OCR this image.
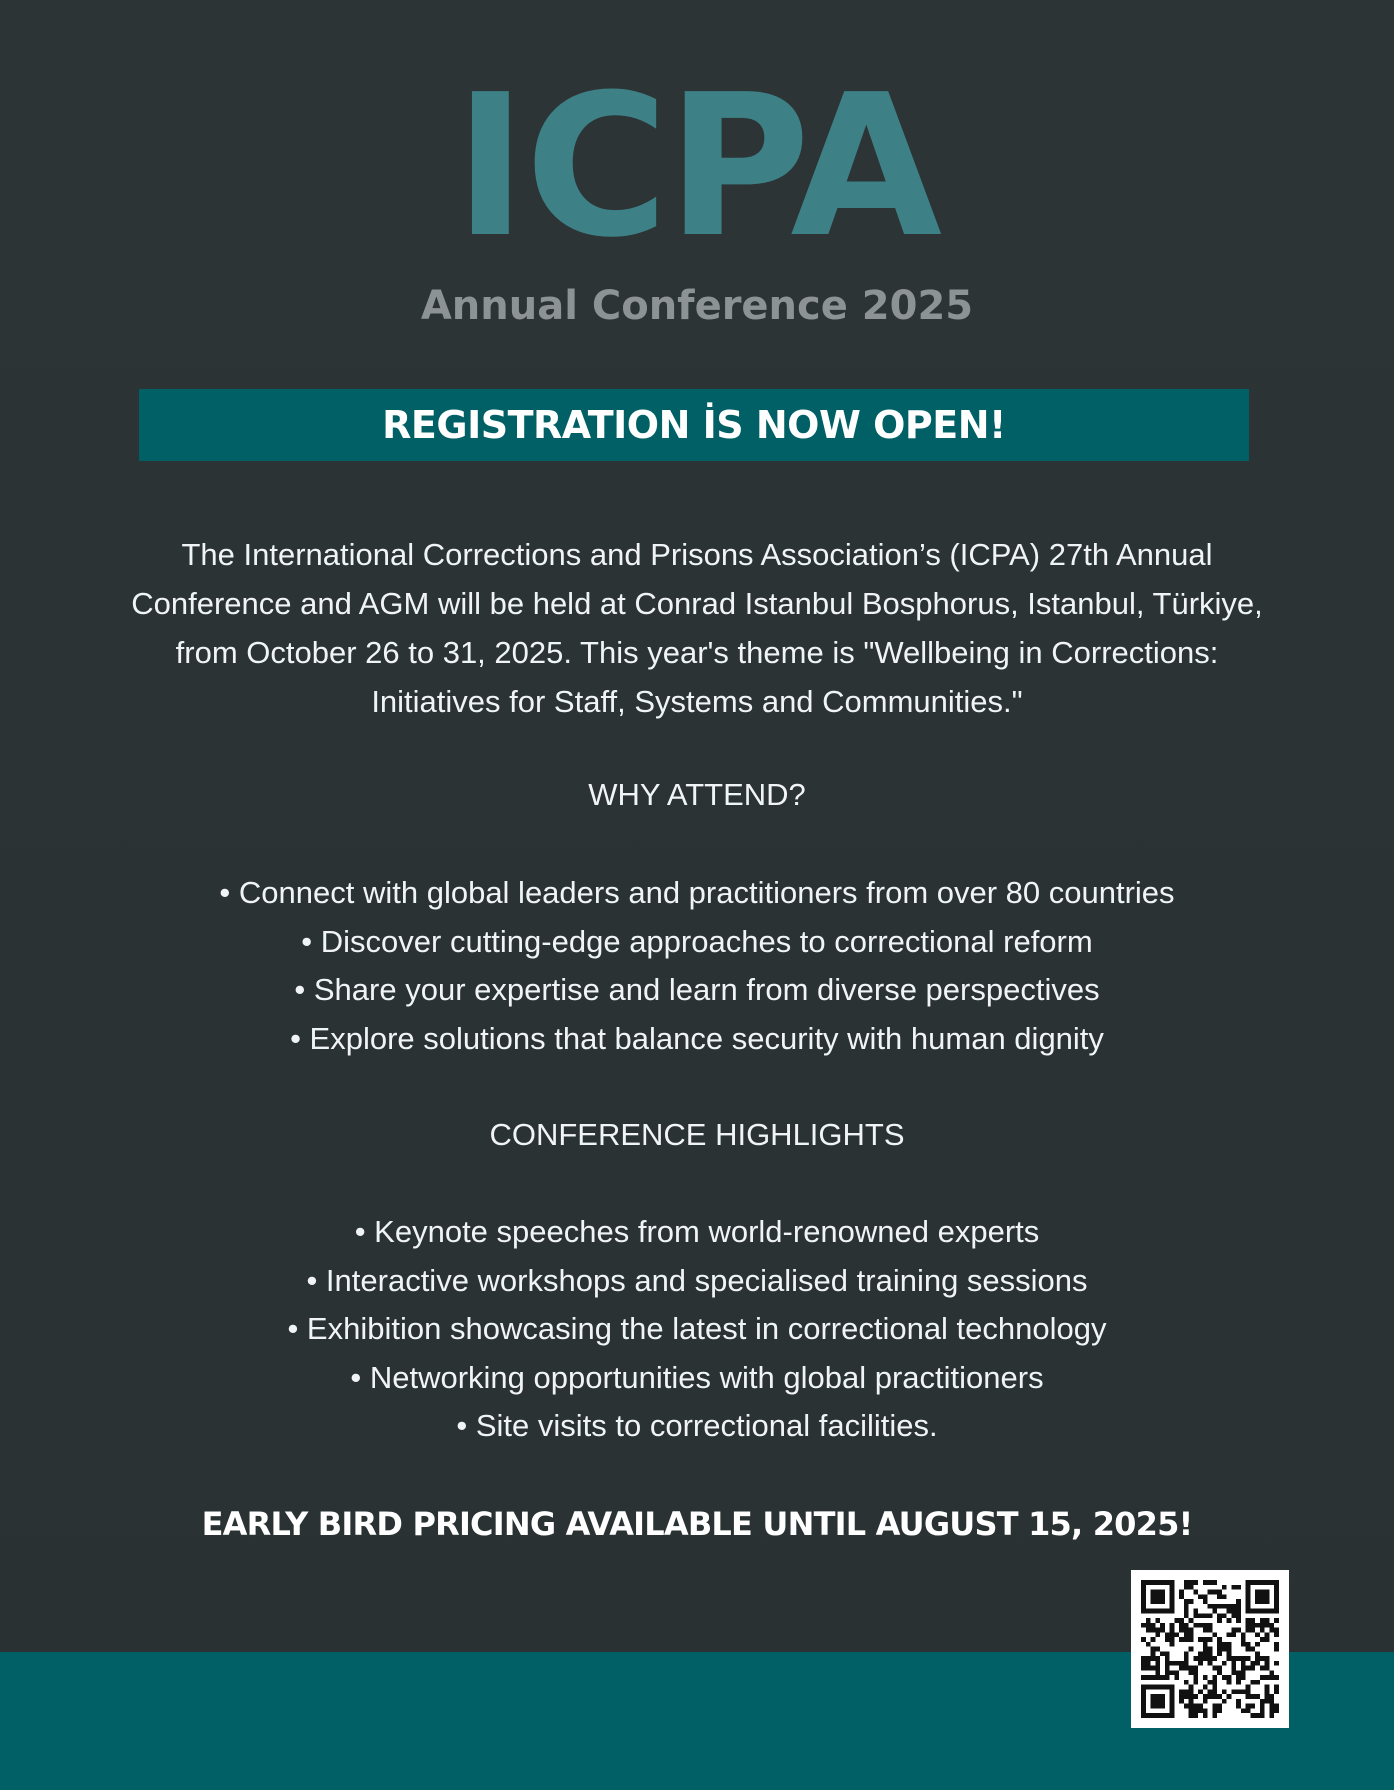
ICPA
Annual Conference 2025
REGISTRATION İS NOW OPEN!
The International Corrections and Prisons Association’s (ICPA) 27th Annual Conference and AGM will be held at Conrad Istanbul Bosphorus, Istanbul, Türkiye, from October 26 to 31, 2025. This year's theme is "Wellbeing in Corrections: Initiatives for Staff, Systems and Communities."
WHY ATTEND?
• Connect with global leaders and practitioners from over 80 countries
• Discover cutting-edge approaches to correctional reform
• Share your expertise and learn from diverse perspectives
• Explore solutions that balance security with human dignity
CONFERENCE HIGHLIGHTS
• Keynote speeches from world-renowned experts
• Interactive workshops and specialised training sessions
• Exhibition showcasing the latest in correctional technology
• Networking opportunities with global practitioners
• Site visits to correctional facilities.
EARLY BIRD PRICING AVAILABLE UNTIL AUGUST 15, 2025!
